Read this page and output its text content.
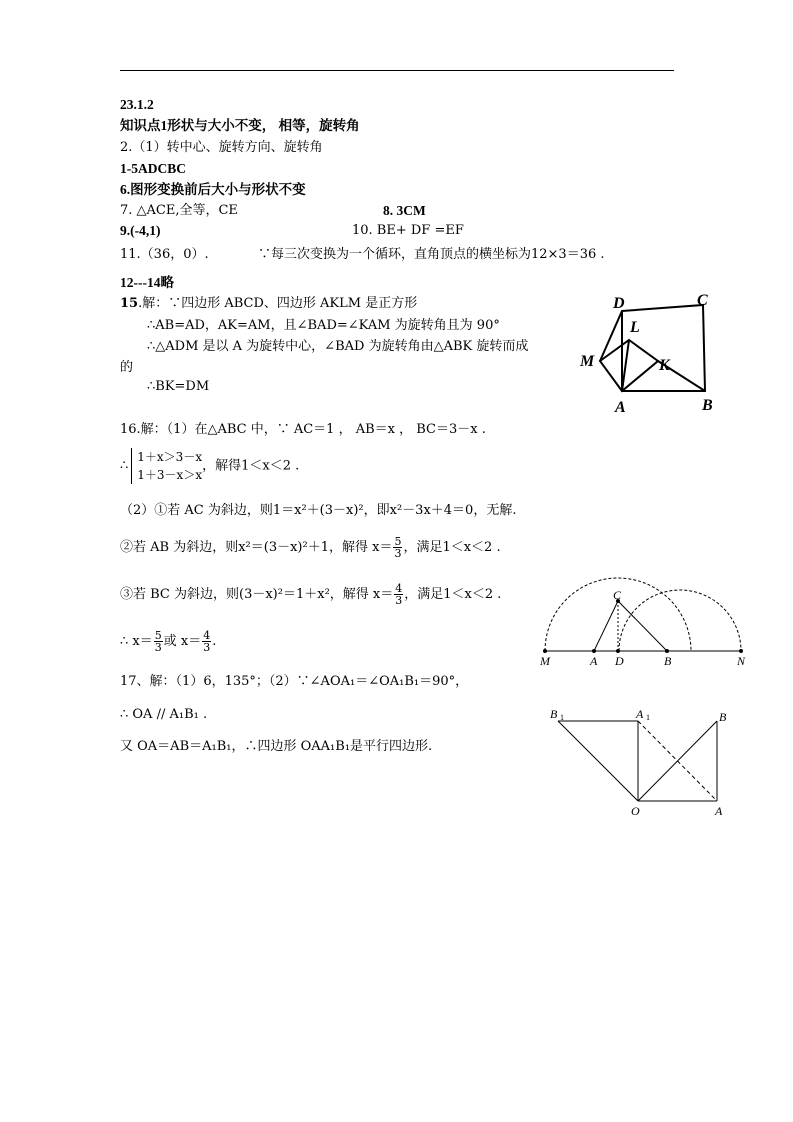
23.1.2
知识点1形状与大小不变， 相等，旋转角
2.（1）转中心、旋转方向、旋转角
1-5ADCBC
6.图形变换前后大小与形状不变
7. △ACE,全等，CE	8. 3CM
9.(-4,1)	10. BE+ DF =EF
11.（36，0）.	∵每三次变换为一个循环，直角顶点的横坐标为12×3＝36 .
12---14略
15.解：∵四边形 ABCD、四边形 AKLM 是正方形
∴AB=AD，AK=AM，且∠BAD=∠KAM 为旋转角且为 90°
∴△ADM 是以 A 为旋转中心，∠BAD 为旋转角由△ABK 旋转而成
的
∴BK=DM
16.解：（1）在△ABC 中，∵ AC＝1 ， AB＝x ， BC＝3－x .
∴
1＋x＞3－x
1＋3－x＞x
，解得1＜x＜2 .
（2）①若 AC 为斜边，则1＝x²＋(3－x)²，即x²－3x＋4＝0，无解.
②若 AB 为斜边，则x²＝(3－x)²＋1，解得 $x= \frac{5}{3}$ ，满足1＜x＜2 .
③若 BC 为斜边，则(3－x)²＝1＋x²，解得 $x= \frac{4}{3}$ ，满足1＜x＜2 .
∴ $x= \frac{5}{3}$ 或 $x= \frac{4}{3}$ .
17、解：（1）6，135°；（2）∵∠AOA₁＝∠OA₁B₁＝90°，
∴ OA // A₁B₁ .
又 OA＝AB＝A₁B₁，∴四边形 OAA₁B₁是平行四边形.
D	C
L
M	K
A	B
C
M	A D	B	N
B 1	A 1	B
O	A
